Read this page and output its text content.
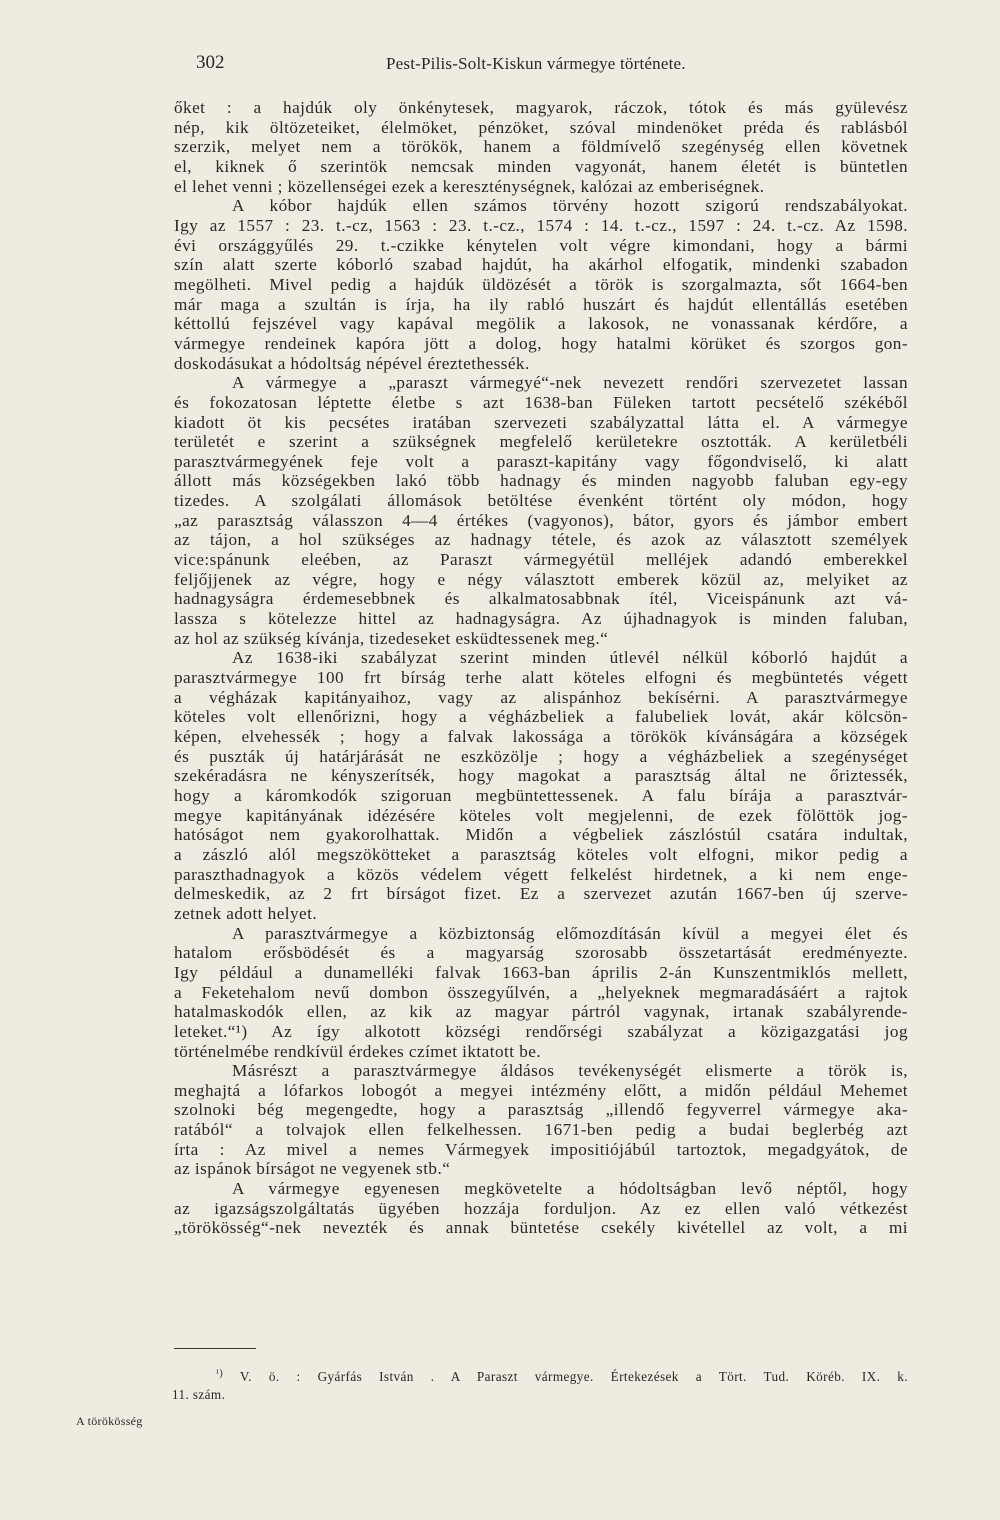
302	Pest-Pilis-Solt-Kiskun vármegye története.
őket : a hajdúk oly önkénytesek, magyarok, ráczok, tótok és más gyülevész
nép, kik öltözeteiket, élelmöket, pénzöket, szóval mindenöket préda és rablásból
szerzik, melyet nem a törökök, hanem a földmívelő szegénység ellen követnek
el, kiknek ő szerintök nemcsak minden vagyonát, hanem életét is büntetlen
el lehet venni ; közellenségei ezek a kereszténységnek, kalózai az emberiségnek.
A kóbor hajdúk ellen számos törvény hozott szigorú rendszabályokat.
Igy az 1557 : 23. t.-cz, 1563 : 23. t.-cz., 1574 : 14. t.-cz., 1597 : 24. t.-cz. Az 1598.
évi országgyűlés 29. t.-czikke kénytelen volt végre kimondani, hogy a bármi
szín alatt szerte kóborló szabad hajdút, ha akárhol elfogatik, mindenki szabadon
megölheti. Mivel pedig a hajdúk üldözését a török is szorgalmazta, sőt 1664-ben
már maga a szultán is írja, ha ily rabló huszárt és hajdút ellentállás esetében
kéttollú fejszével vagy kapával megölik a lakosok, ne vonassanak kérdőre, a
vármegye rendeinek kapóra jött a dolog, hogy hatalmi körüket és szorgos gon-
doskodásukat a hódoltság népével éreztethessék.
A vármegye a „paraszt vármegyé“-nek nevezett rendőri szervezetet lassan
és fokozatosan léptette életbe s azt 1638-ban Füleken tartott pecsételő székéből
kiadott öt kis pecsétes iratában szervezeti szabályzattal látta el. A vármegye
területét e szerint a szükségnek megfelelő kerületekre osztották. A kerületbéli
parasztvármegyének feje volt a paraszt-kapitány vagy főgondviselő, ki alatt
állott más községekben lakó több hadnagy és minden nagyobb faluban egy-egy
tizedes. A szolgálati állomások betöltése évenként történt oly módon, hogy
„az parasztság válasszon 4—4 értékes (vagyonos), bátor, gyors és jámbor embert
az tájon, a hol szükséges az hadnagy tétele, és azok az választott személyek
vice:spánunk eleében, az Paraszt vármegyétül melléjek adandó emberekkel
feljőjjenek az végre, hogy e négy választott emberek közül az, melyiket az
hadnagyságra érdemesebbnek és alkalmatosabbnak ítél, Viceispánunk azt vá-
lassza s kötelezze hittel az hadnagyságra. Az újhadnagyok is minden faluban,
az hol az szükség kívánja, tizedeseket esküdtessenek meg.“
Az 1638-iki szabályzat szerint minden útlevél nélkül kóborló hajdút a
parasztvármegye 100 frt bírság terhe alatt köteles elfogni és megbüntetés végett
a végházak kapitányaihoz, vagy az alispánhoz bekísérni. A parasztvármegye
köteles volt ellenőrizni, hogy a végházbeliek a falubeliek lovát, akár kölcsön-
képen, elvehessék ; hogy a falvak lakossága a törökök kívánságára a községek
és puszták új határjárását ne eszközölje ; hogy a végházbeliek a szegénységet
szekéradásra ne kényszerítsék, hogy magokat a parasztság által ne őriztessék,
hogy a káromkodók szigoruan megbüntettessenek. A falu bírája a parasztvár-
megye kapitányának idézésére köteles volt megjelenni, de ezek fölöttök jog-
hatóságot nem gyakorolhattak. Midőn a végbeliek zászlóstúl csatára indultak,
a zászló alól megszökötteket a parasztság köteles volt elfogni, mikor pedig a
paraszthadnagyok a közös védelem végett felkelést hirdetnek, a ki nem enge-
delmeskedik, az 2 frt bírságot fizet. Ez a szervezet azután 1667-ben új szerve-
zetnek adott helyet.
A parasztvármegye a közbiztonság előmozdításán kívül a megyei élet és
hatalom erősbödését és a magyarság szorosabb összetartását eredményezte.
Igy például a dunamelléki falvak 1663-ban április 2-án Kunszentmiklós mellett,
a Feketehalom nevű dombon összegyűlvén, a „helyeknek megmaradásáért a rajtok
hatalmaskodók ellen, az kik az magyar pártról vagynak, irtanak szabályrende-
leteket.“¹) Az így alkotott községi rendőrségi szabályzat a közigazgatási jog
történelmébe rendkívül érdekes czímet iktatott be.
Másrészt a parasztvármegye áldásos tevékenységét elismerte a török is,
meghajtá a lófarkos lobogót a megyei intézmény előtt, a midőn például Mehemet
szolnoki bég megengedte, hogy a parasztság „illendő fegyverrel vármegye aka-
ratából“ a tolvajok ellen felkelhessen. 1671-ben pedig a budai beglerbég azt
írta : Az mivel a nemes Vármegyek impositiójábúl tartoztok, megadgyátok, de
az ispánok bírságot ne vegyenek stb.“
A vármegye egyenesen megkövetelte a hódoltságban levő néptől, hogy
az igazságszolgáltatás ügyében hozzája forduljon. Az ez ellen való vétkezést
„törökösség“-nek nevezték és annak büntetése csekély kivétellel az volt, a mi
A törökösség
$^{^1)}$ V. ö. : Gyárfás István . A Paraszt vármegye. Értekezések a Tört. Tud. Köréb. IX. k.
11. szám.
